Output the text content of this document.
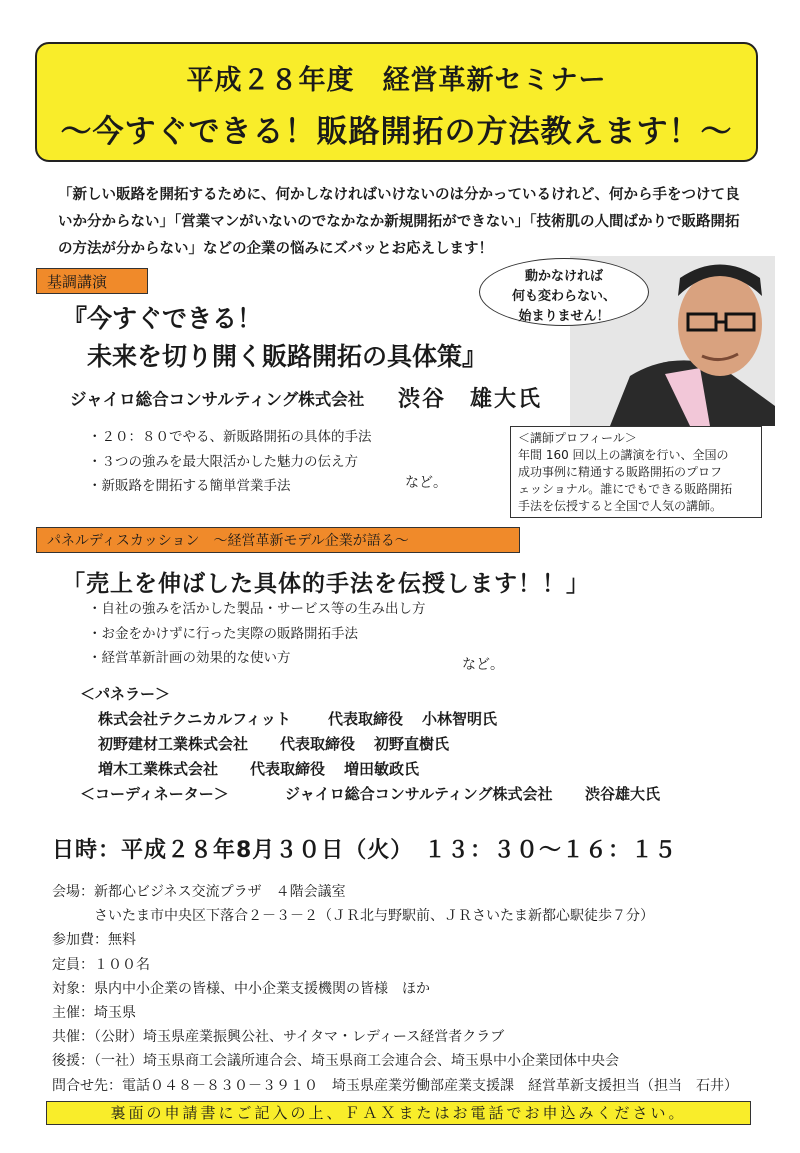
平成２８年度　経営革新セミナー
〜今すぐできる！販路開拓の方法教えます！〜
「新しい販路を開拓するために、何かしなければいけないのは分かっているけれど、何から手をつけて良
いか分からない」「営業マンがいないのでなかなか新規開拓ができない」「技術肌の人間ばかりで販路開拓
の方法が分からない」などの企業の悩みにズバッとお応えします！
基調講演	動かなければ
何も変わらない、
始まりません！
『今すぐできる！
　未来を切り開く販路開拓の具体策』
ジャイロ総合コンサルティング株式会社 渋谷　雄大氏
・２０：８０でやる、新販路開拓の具体的手法
・３つの強みを最大限活かした魅力の伝え方
・新販路を開拓する簡単営業手法	など。
＜講師プロフィール＞
年間 160 回以上の講演を行い、全国の
成功事例に精通する販路開拓のプロフ
ェッショナル。誰にでもできる販路開拓
手法を伝授すると全国で人気の講師。
パネルディスカッション　〜経営革新モデル企業が語る〜
「売上を伸ばした具体的手法を伝授します！！」
・自社の強みを活かした製品・サービス等の生み出し方
・お金をかけずに行った実際の販路開拓手法
・経営革新計画の効果的な使い方	など。
＜パネラー＞
株式会社テクニカルフィット	代表取締役	小林智明氏
初野建材工業株式会社	代表取締役	初野直樹氏
増木工業株式会社	代表取締役	増田敏政氏
＜コーディネーター＞	ジャイロ総合コンサルティング株式会社	渋谷雄大氏
日時：平成２８年8月３０日（火） １３：３０〜１６：１５
会場：新都心ビジネス交流プラザ　４階会議室
　　　さいたま市中央区下落合２－３－２（ＪＲ北与野駅前、ＪＲさいたま新都心駅徒歩７分）
参加費：無料
定員：１００名
対象：県内中小企業の皆様、中小企業支援機関の皆様　ほか
主催：埼玉県
共催：（公財）埼玉県産業振興公社、サイタマ・レディース経営者クラブ
後援：（一社）埼玉県商工会議所連合会、埼玉県商工会連合会、埼玉県中小企業団体中央会
問合せ先：電話０４８－８３０－３９１０　埼玉県産業労働部産業支援課　経営革新支援担当（担当　石井）
裏面の申請書にご記入の上、ＦＡＸまたはお電話でお申込みください。
